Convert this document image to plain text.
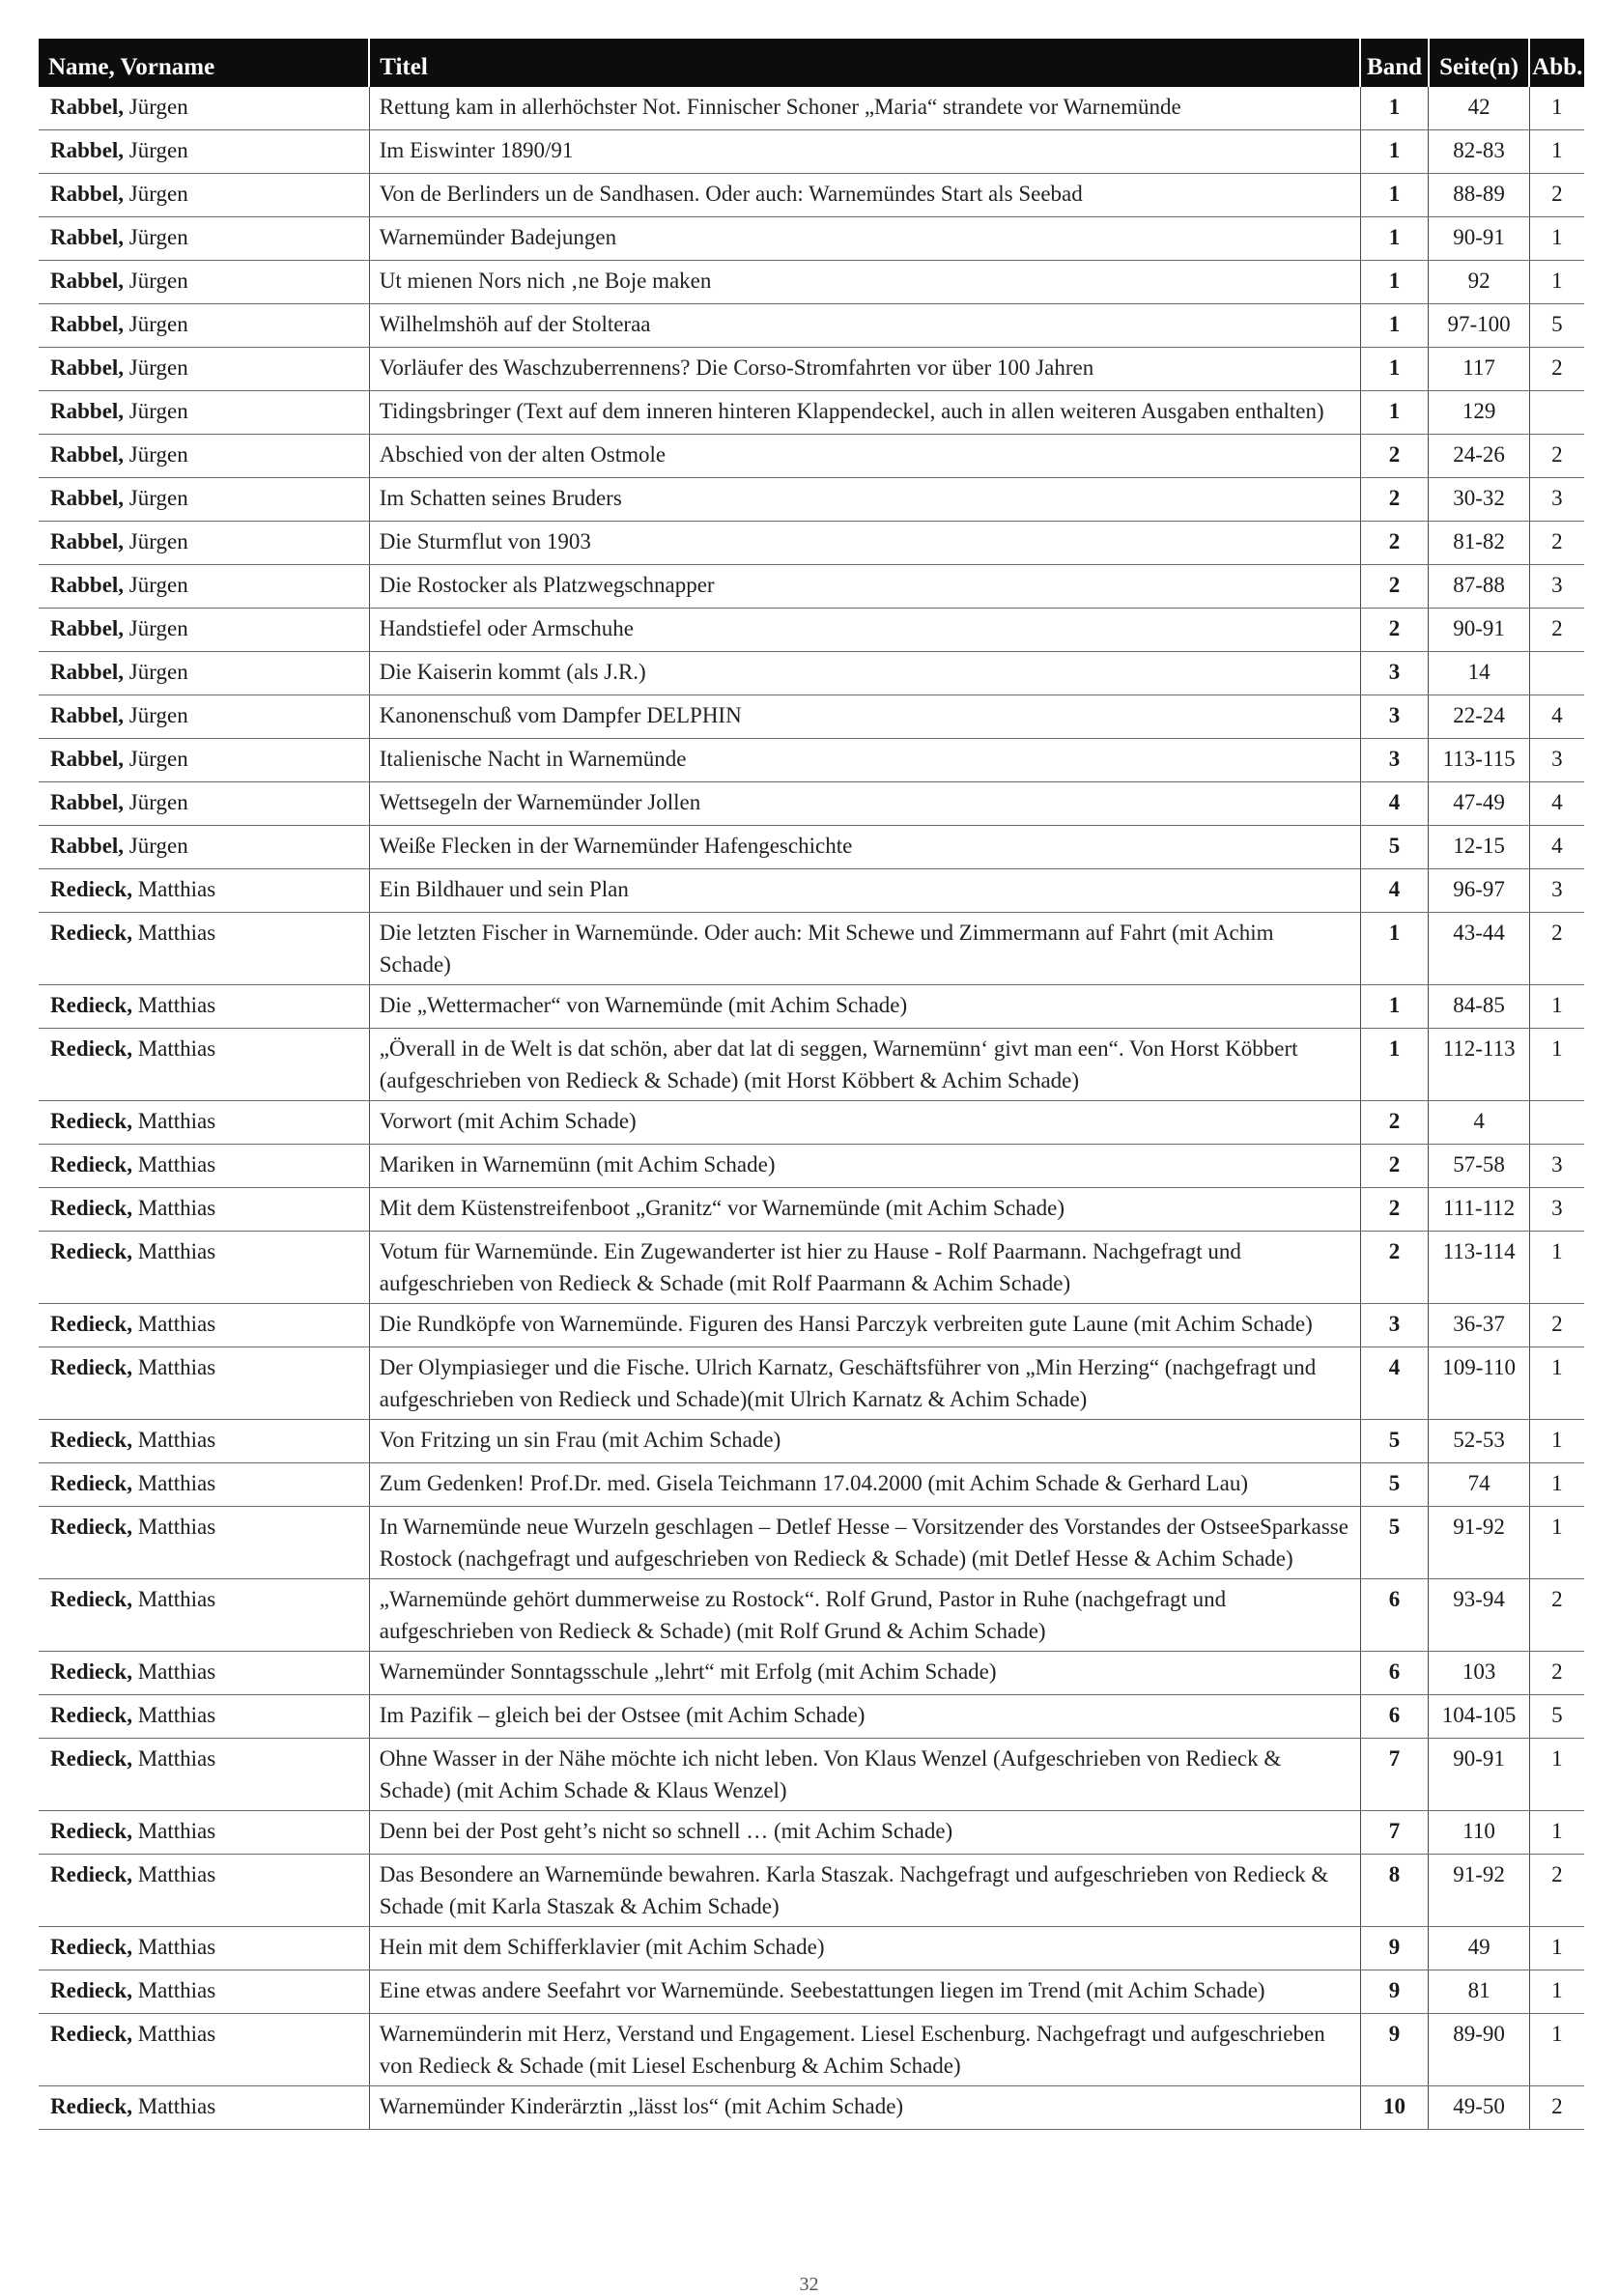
Name, Vorname	Titel	Band	Seite(n)	Abb.
Rabbel, Jürgen	Rettung kam in allerhöchster Not. Finnischer Schoner „Maria“ strandete vor Warnemünde	1	42	1
Rabbel, Jürgen	Im Eiswinter 1890/91	1	82-83	1
Rabbel, Jürgen	Von de Berlinders un de Sandhasen. Oder auch: Warnemündes Start als Seebad	1	88-89	2
Rabbel, Jürgen	Warnemünder Badejungen	1	90-91	1
Rabbel, Jürgen	Ut mienen Nors nich ‚ne Boje maken	1	92	1
Rabbel, Jürgen	Wilhelmshöh auf der Stolteraa	1	97-100	5
Rabbel, Jürgen	Vorläufer des Waschzuberrennens? Die Corso-Stromfahrten vor über 100 Jahren	1	117	2
Rabbel, Jürgen	Tidingsbringer (Text auf dem inneren hinteren Klappendeckel, auch in allen weiteren Ausgaben enthalten)	1	129	
Rabbel, Jürgen	Abschied von der alten Ostmole	2	24-26	2
Rabbel, Jürgen	Im Schatten seines Bruders	2	30-32	3
Rabbel, Jürgen	Die Sturmflut von 1903	2	81-82	2
Rabbel, Jürgen	Die Rostocker als Platzwegschnapper	2	87-88	3
Rabbel, Jürgen	Handstiefel oder Armschuhe	2	90-91	2
Rabbel, Jürgen	Die Kaiserin kommt (als J.R.)	3	14	
Rabbel, Jürgen	Kanonenschuß vom Dampfer DELPHIN	3	22-24	4
Rabbel, Jürgen	Italienische Nacht in Warnemünde	3	113-115	3
Rabbel, Jürgen	Wettsegeln der Warnemünder Jollen	4	47-49	4
Rabbel, Jürgen	Weiße Flecken in der Warnemünder Hafengeschichte	5	12-15	4
Redieck, Matthias	Ein Bildhauer und sein Plan	4	96-97	3
Redieck, Matthias	Die letzten Fischer in Warnemünde. Oder auch: Mit Schewe und Zimmermann auf Fahrt (mit Achim Schade)	1	43-44	2
Redieck, Matthias	Die „Wettermacher“ von Warnemünde (mit Achim Schade)	1	84-85	1
Redieck, Matthias	„Överall in de Welt is dat schön, aber dat lat di seggen, Warnemünn‘ givt man een“. Von Horst Köbbert (aufgeschrieben von Redieck & Schade) (mit Horst Köbbert & Achim Schade)	1	112-113	1
Redieck, Matthias	Vorwort (mit Achim Schade)	2	4	
Redieck, Matthias	Mariken in Warnemünn (mit Achim Schade)	2	57-58	3
Redieck, Matthias	Mit dem Küstenstreifenboot „Granitz“ vor Warnemünde (mit Achim Schade)	2	111-112	3
Redieck, Matthias	Votum für Warnemünde. Ein Zugewanderter ist hier zu Hause - Rolf Paarmann. Nachgefragt und aufgeschrieben von Redieck & Schade (mit Rolf Paarmann & Achim Schade)	2	113-114	1
Redieck, Matthias	Die Rundköpfe von Warnemünde. Figuren des Hansi Parczyk verbreiten gute Laune (mit Achim Schade)	3	36-37	2
Redieck, Matthias	Der Olympiasieger und die Fische. Ulrich Karnatz, Geschäftsführer von „Min Herzing“ (nachgefragt und aufgeschrieben von Redieck und Schade)(mit Ulrich Karnatz & Achim Schade)	4	109-110	1
Redieck, Matthias	Von Fritzing un sin Frau (mit Achim Schade)	5	52-53	1
Redieck, Matthias	Zum Gedenken! Prof.Dr. med. Gisela Teichmann 17.04.2000 (mit Achim Schade & Gerhard Lau)	5	74	1
Redieck, Matthias	In Warnemünde neue Wurzeln geschlagen – Detlef Hesse – Vorsitzender des Vorstandes der OstseeSparkasse Rostock (nachgefragt und aufgeschrieben von Redieck & Schade) (mit Detlef Hesse & Achim Schade)	5	91-92	1
Redieck, Matthias	„Warnemünde gehört dummerweise zu Rostock“. Rolf Grund, Pastor in Ruhe (nachgefragt und aufgeschrieben von Redieck & Schade) (mit Rolf Grund & Achim Schade)	6	93-94	2
Redieck, Matthias	Warnemünder Sonntagsschule „lehrt“ mit Erfolg (mit Achim Schade)	6	103	2
Redieck, Matthias	Im Pazifik – gleich bei der Ostsee (mit Achim Schade)	6	104-105	5
Redieck, Matthias	Ohne Wasser in der Nähe möchte ich nicht leben. Von Klaus Wenzel (Aufgeschrieben von Redieck & Schade) (mit Achim Schade & Klaus Wenzel)	7	90-91	1
Redieck, Matthias	Denn bei der Post geht’s nicht so schnell … (mit Achim Schade)	7	110	1
Redieck, Matthias	Das Besondere an Warnemünde bewahren. Karla Staszak. Nachgefragt und aufgeschrieben von Redieck & Schade (mit Karla Staszak & Achim Schade)	8	91-92	2
Redieck, Matthias	Hein mit dem Schifferklavier (mit Achim Schade)	9	49	1
Redieck, Matthias	Eine etwas andere Seefahrt vor Warnemünde. Seebestattungen liegen im Trend (mit Achim Schade)	9	81	1
Redieck, Matthias	Warnemünderin mit Herz, Verstand und Engagement. Liesel Eschenburg. Nachgefragt und aufgeschrieben von Redieck & Schade (mit Liesel Eschenburg & Achim Schade)	9	89-90	1
Redieck, Matthias	Warnemünder Kinderärztin „lässt los“ (mit Achim Schade)	10	49-50	2
32
